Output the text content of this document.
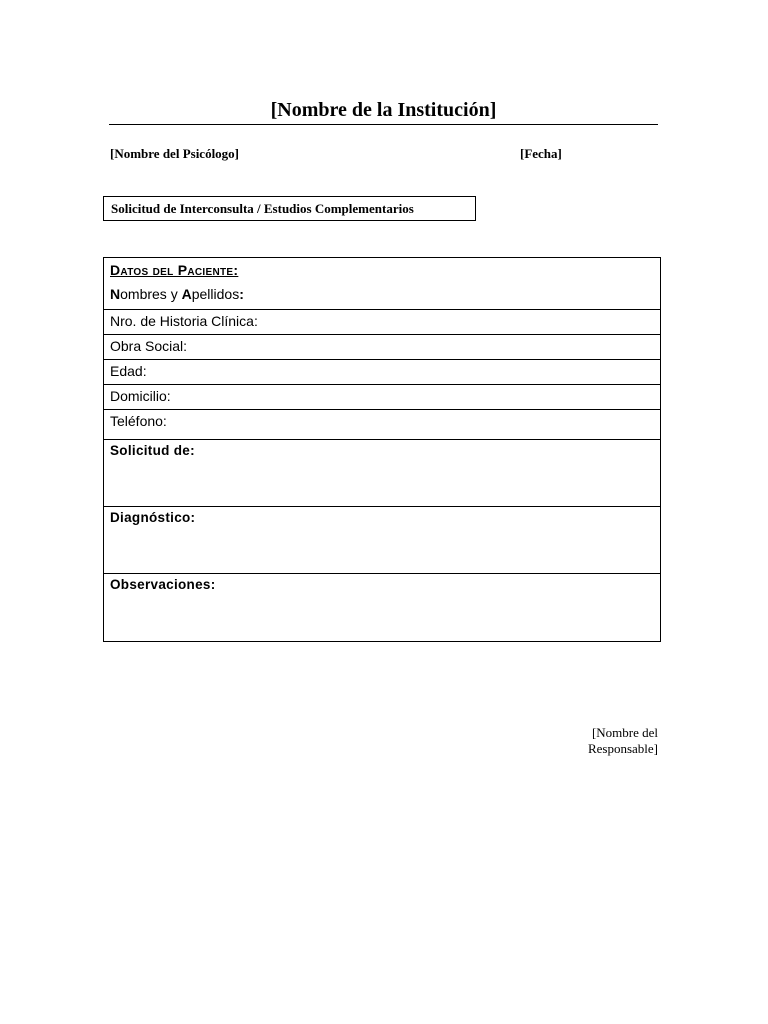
[Nombre de la Institución]
[Nombre del Psicólogo]	[Fecha]
Solicitud de Interconsulta / Estudios Complementarios
Datos del Paciente:
Nombres y Apellidos:
Nro. de Historia Clínica:
Obra Social:
Edad:
Domicilio:
Teléfono:
Solicitud de:
Diagnóstico:
Observaciones:
[Nombre del
Responsable]
